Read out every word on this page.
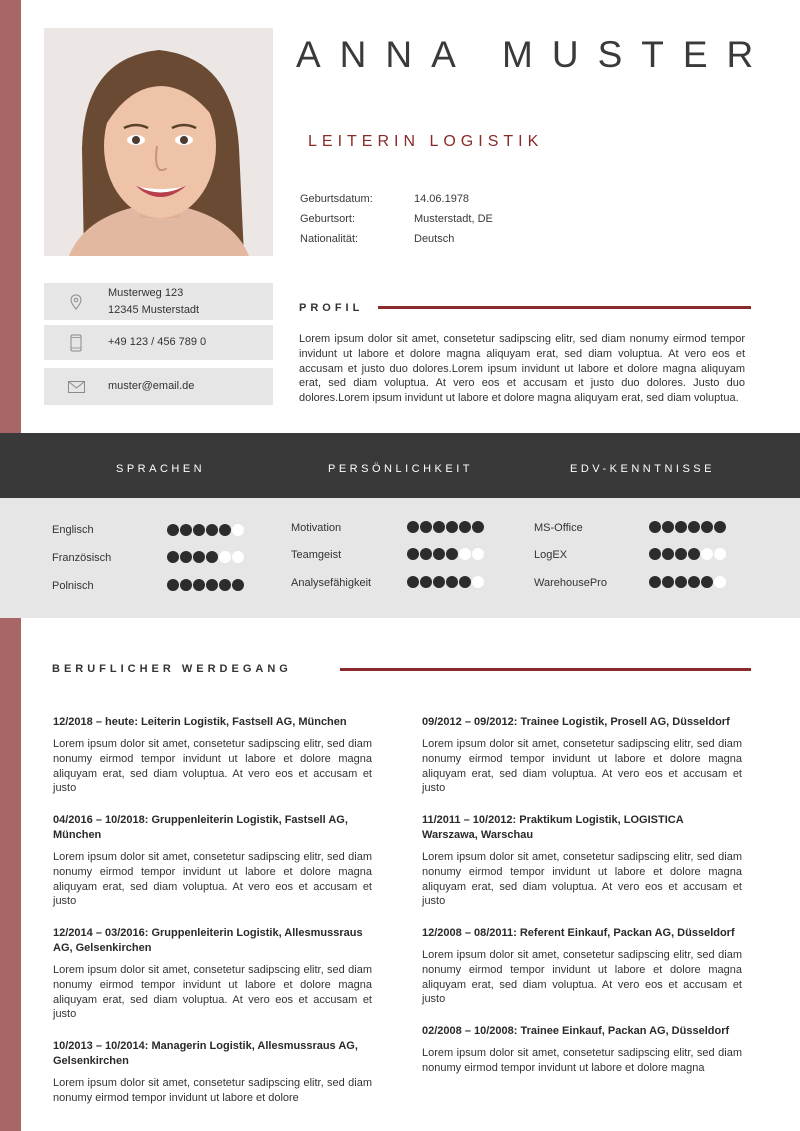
ANNA MUSTER
LEITERIN LOGISTIK
Geburtsdatum:	14.06.1978
Geburtsort:	Musterstadt, DE
Nationalität:	Deutsch
Musterweg 123
12345 Musterstadt
+49 123 / 456 789 0
muster@email.de
PROFIL
Lorem ipsum dolor sit amet, consetetur sadipscing elitr, sed diam nonumy eirmod tempor invidunt ut labore et dolore magna aliquyam erat, sed diam voluptua. At vero eos et accusam et justo duo dolores.Lorem ipsum invidunt ut labore et dolore magna aliquyam erat, sed diam voluptua. At vero eos et accusam et justo duo dolores. Justo duo dolores.Lorem ipsum invidunt ut labore et dolore magna aliquyam erat, sed diam voluptua.
SPRACHEN	PERSÖNLICHKEIT	EDV-KENNTNISSE
Englisch
Französisch
Polnisch
Motivation
Teamgeist
Analysefähigkeit
MS-Office
LogEX
WarehousePro
BERUFLICHER WERDEGANG
12/2018 – heute: Leiterin Logistik, Fastsell AG, München
Lorem ipsum dolor sit amet, consetetur sadipscing elitr, sed diam nonumy eirmod tempor invidunt ut labore et dolore magna aliquyam erat, sed diam voluptua. At vero eos et accusam et justo
04/2016 – 10/2018: Gruppenleiterin Logistik, Fastsell AG, München
Lorem ipsum dolor sit amet, consetetur sadipscing elitr, sed diam nonumy eirmod tempor invidunt ut labore et dolore magna aliquyam erat, sed diam voluptua. At vero eos et accusam et justo
12/2014 – 03/2016: Gruppenleiterin Logistik, Allesmussraus AG, Gelsenkirchen
Lorem ipsum dolor sit amet, consetetur sadipscing elitr, sed diam nonumy eirmod tempor invidunt ut labore et dolore magna aliquyam erat, sed diam voluptua. At vero eos et accusam et justo
10/2013 – 10/2014: Managerin Logistik, Allesmussraus AG, Gelsenkirchen
Lorem ipsum dolor sit amet, consetetur sadipscing elitr, sed diam nonumy eirmod tempor invidunt ut labore et dolore
09/2012 – 09/2012: Trainee Logistik, Prosell AG, Düsseldorf
Lorem ipsum dolor sit amet, consetetur sadipscing elitr, sed diam nonumy eirmod tempor invidunt ut labore et dolore magna aliquyam erat, sed diam voluptua. At vero eos et accusam et justo
11/2011 – 10/2012: Praktikum Logistik, LOGISTICA Warszawa, Warschau
Lorem ipsum dolor sit amet, consetetur sadipscing elitr, sed diam nonumy eirmod tempor invidunt ut labore et dolore magna aliquyam erat, sed diam voluptua. At vero eos et accusam et justo
12/2008 – 08/2011: Referent Einkauf, Packan AG, Düsseldorf
Lorem ipsum dolor sit amet, consetetur sadipscing elitr, sed diam nonumy eirmod tempor invidunt ut labore et dolore magna aliquyam erat, sed diam voluptua. At vero eos et accusam et justo
02/2008 – 10/2008: Trainee Einkauf, Packan AG, Düsseldorf
Lorem ipsum dolor sit amet, consetetur sadipscing elitr, sed diam nonumy eirmod tempor invidunt ut labore et dolore magna
